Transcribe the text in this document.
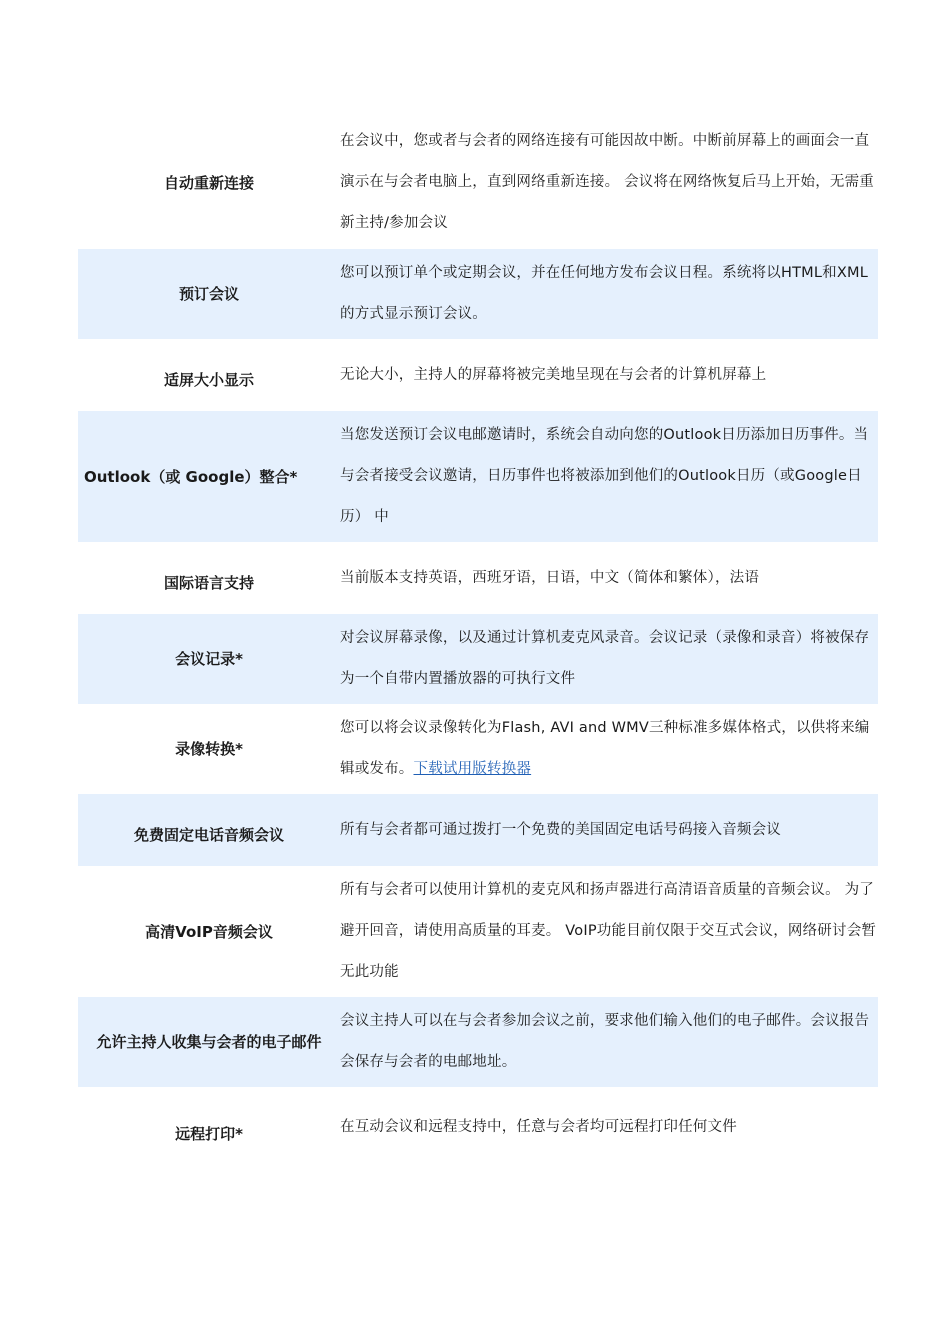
自动重新连接	在会议中，您或者与会者的网络连接有可能因故中断。中断前屏幕上的画面会一直演示在与会者电脑上，直到网络重新连接。 会议将在网络恢复后马上开始，无需重新主持/参加会议
预订会议	您可以预订单个或定期会议，并在任何地方发布会议日程。系统将以HTML和XML的方式显示预订会议。
适屏大小显示	无论大小，主持人的屏幕将被完美地呈现在与会者的计算机屏幕上
Outlook（或 Google）整合*	当您发送预订会议电邮邀请时，系统会自动向您的Outlook日历添加日历事件。当与会者接受会议邀请，日历事件也将被添加到他们的Outlook日历（或Google日历） 中
国际语言支持	当前版本支持英语，西班牙语，日语，中文（简体和繁体），法语
会议记录*	对会议屏幕录像，以及通过计算机麦克风录音。会议记录（录像和录音）将被保存为一个自带内置播放器的可执行文件
录像转换*	您可以将会议录像转化为Flash, AVI and WMV三种标准多媒体格式，以供将来编辑或发布。下载试用版转换器
免费固定电话音频会议	所有与会者都可通过拨打一个免费的美国固定电话号码接入音频会议
高清VoIP音频会议	所有与会者可以使用计算机的麦克风和扬声器进行高清语音质量的音频会议。 为了避开回音，请使用高质量的耳麦。 VoIP功能目前仅限于交互式会议，网络研讨会暂无此功能
允许主持人收集与会者的电子邮件	会议主持人可以在与会者参加会议之前，要求他们输入他们的电子邮件。会议报告会保存与会者的电邮地址。
远程打印*	在互动会议和远程支持中，任意与会者均可远程打印任何文件
